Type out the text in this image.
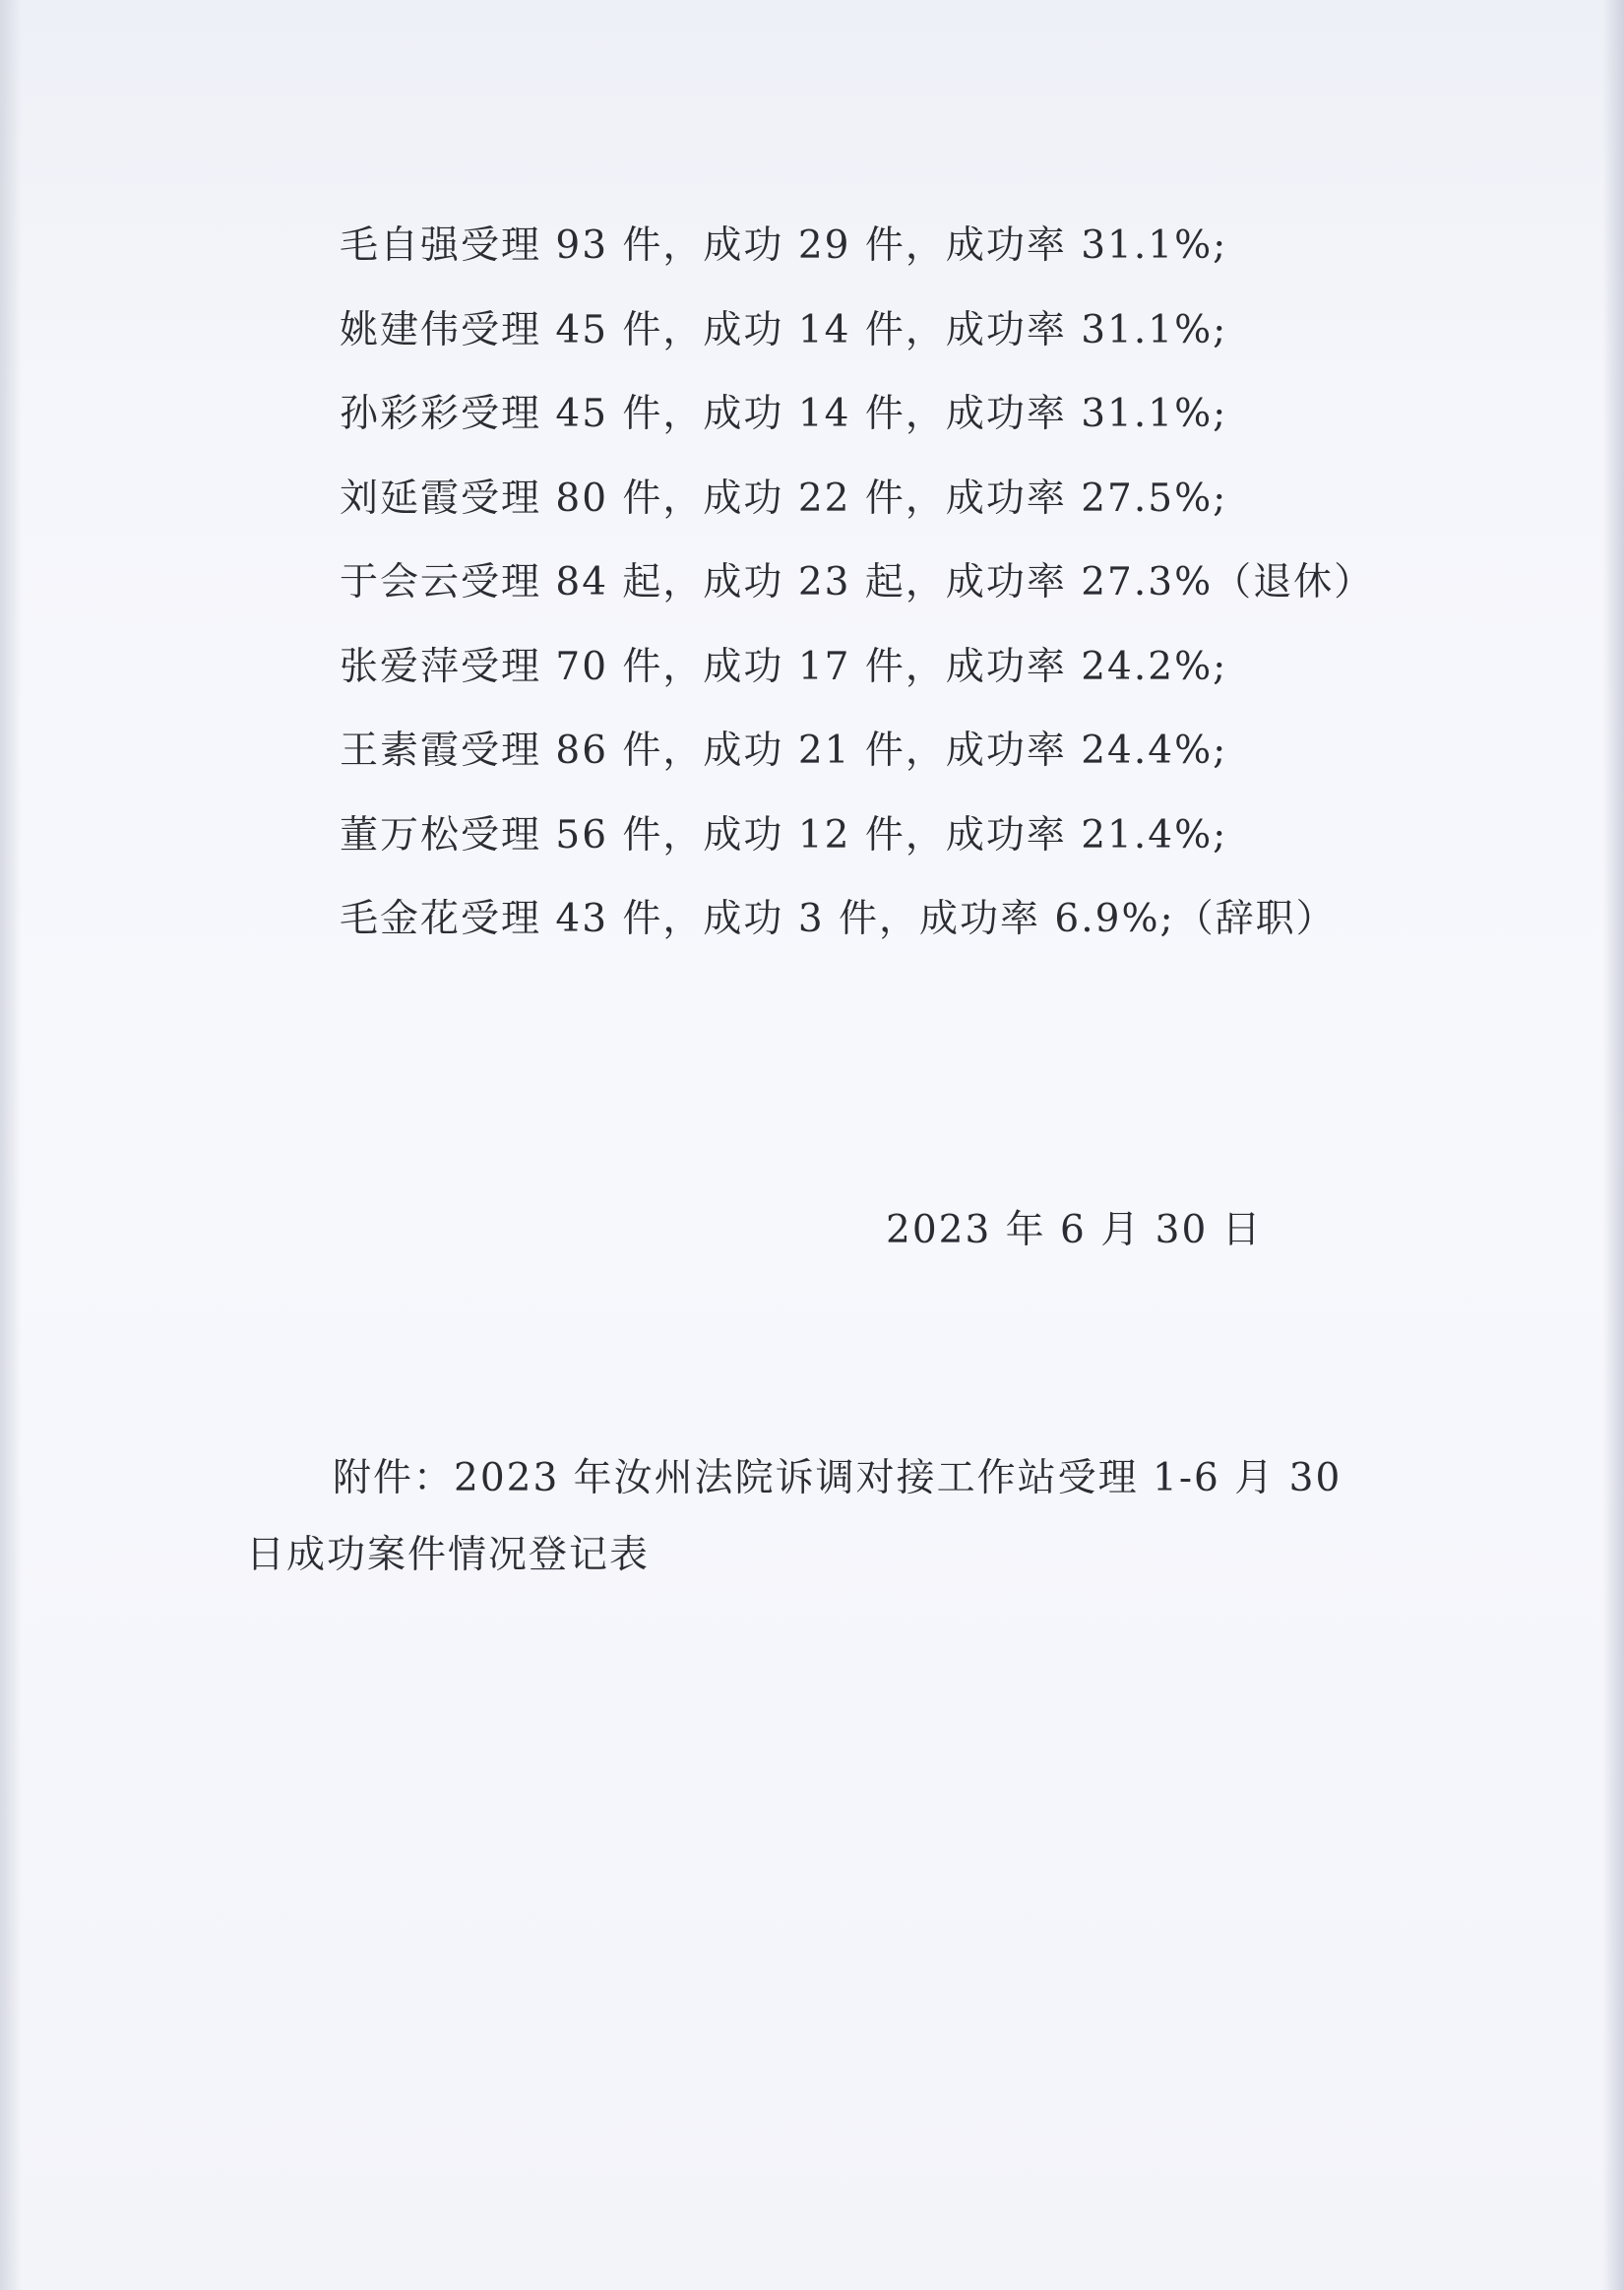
毛自强受理 93 件，成功 29 件，成功率 31.1%;
姚建伟受理 45 件，成功 14 件，成功率 31.1%;
孙彩彩受理 45 件，成功 14 件，成功率 31.1%;
刘延霞受理 80 件，成功 22 件，成功率 27.5%;
于会云受理 84 起，成功 23 起，成功率 27.3%（退休）
张爱萍受理 70 件，成功 17 件，成功率 24.2%;
王素霞受理 86 件，成功 21 件，成功率 24.4%;
董万松受理 56 件，成功 12 件，成功率 21.4%;
毛金花受理 43 件，成功 3 件，成功率 6.9%;（辞职）
2023 年 6 月 30 日
附件：2023 年汝州法院诉调对接工作站受理 1-6 月 30
日成功案件情况登记表
